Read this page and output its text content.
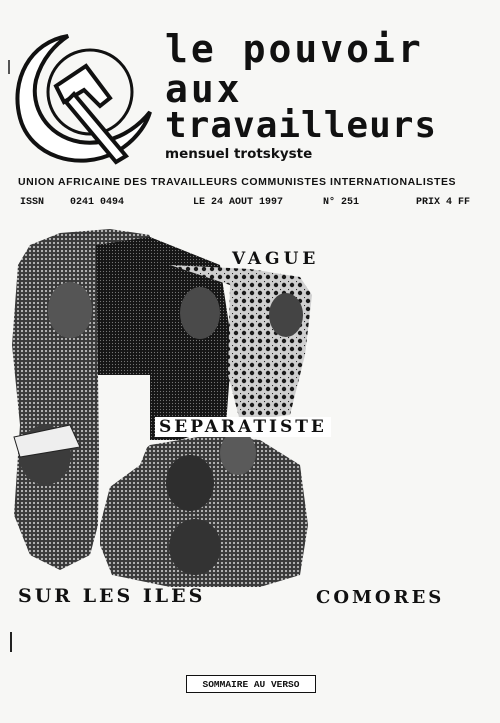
le pouvoir
aux
travailleurs
mensuel trotskyste
UNION AFRICAINE DES TRAVAILLEURS COMMUNISTES INTERNATIONALISTES
ISSN	0241 0494	LE 24 AOUT 1997	N° 251	PRIX 4 FF
VAGUE
SEPARATISTE
SUR LES ILES	COMORES
SOMMAIRE AU VERSO
